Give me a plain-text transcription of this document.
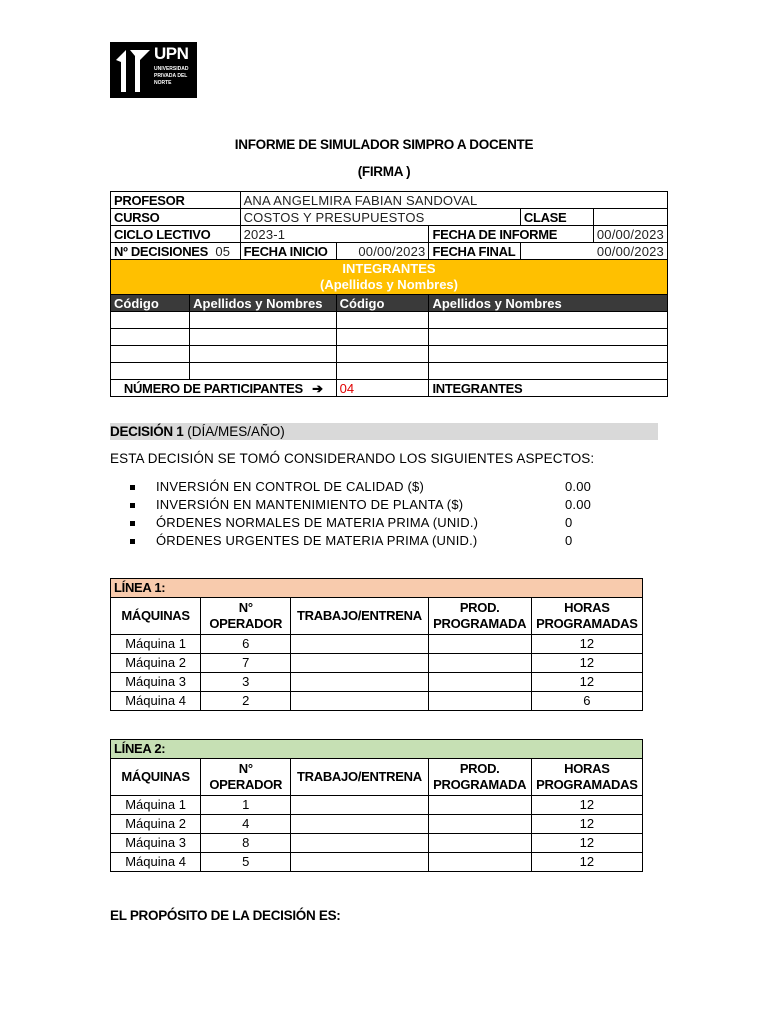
UPN
UNIVERSIDAD PRIVADA DEL NORTE
INFORME DE SIMULADOR SIMPRO A DOCENTE
(FIRMA )
PROFESOR		ANA ANGELMIRA FABIAN SANDOVAL				
CURSO		COSTOS Y PRESUPUESTOS			CLASE	
CICLO LECTIVO		2023-1		FECHA DE INFORME		00/00/2023
Nº DECISIONES 05		FECHA INICIO	00/00/2023	FECHA FINAL	00/00/2023	

INTEGRANTES
(Apellidos y Nombres)						

Código	Apellidos y Nombres		Código	Apellidos y Nombres		

NÚMERO DE PARTICIPANTES ➔			04	INTEGRANTES		
DECISIÓN 1 (DÍA/MES/AÑO)
ESTA DECISIÓN SE TOMÓ CONSIDERANDO LOS SIGUIENTES ASPECTOS:
INVERSIÓN EN CONTROL DE CALIDAD ($)	0.00
INVERSIÓN EN MANTENIMIENTO DE PLANTA ($)	0.00
ÓRDENES NORMALES DE MATERIA PRIMA (UNID.)	0
ÓRDENES URGENTES DE MATERIA PRIMA (UNID.)	0
LÍNEA 1:				
MÁQUINAS	N° OPERADOR	TRABAJO/ENTRENA	PROD. PROGRAMADA	HORAS PROGRAMADAS
Máquina 1	6			12
Máquina 2	7			12
Máquina 3	3			12
Máquina 4	2			6
LÍNEA 2:				
MÁQUINAS	N° OPERADOR	TRABAJO/ENTRENA	PROD. PROGRAMADA	HORAS PROGRAMADAS
Máquina 1	1			12
Máquina 2	4			12
Máquina 3	8			12
Máquina 4	5			12
EL PROPÓSITO DE LA DECISIÓN ES:
